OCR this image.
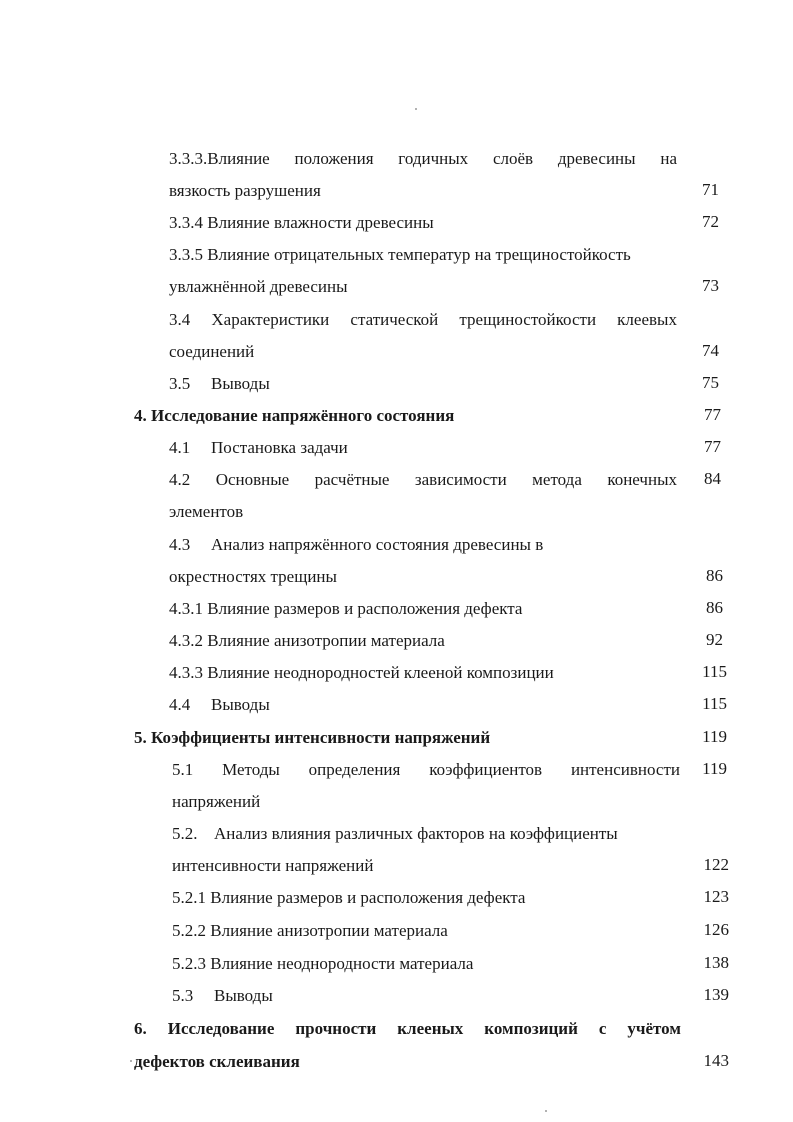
3.3.3.Влияние положения годичных слоёв древесины на
вязкость разрушения	71
3.3.4 Влияние влажности древесины	72
3.3.5 Влияние отрицательных температур на трещиностойкость
увлажнённой древесины	73
3.4 Характеристики статической трещиностойкости клеевых
соединений	74
3.5 Выводы	75
4. Исследование напряжённого состояния	77
4.1 Постановка задачи	77
4.2 Основные расчётные зависимости метода конечных	84
элементов
4.3 Анализ напряжённого состояния древесины в
окрестностях трещины	86
4.3.1 Влияние размеров и расположения дефекта	86
4.3.2 Влияние анизотропии материала	92
4.3.3 Влияние неоднородностей клееной композиции	115
4.4 Выводы	115
5. Коэффициенты интенсивности напряжений	119
5.1 Методы определения коэффициентов интенсивности	119
напряжений
5.2. Анализ влияния различных факторов на коэффициенты
интенсивности напряжений	122
5.2.1 Влияние размеров и расположения дефекта	123
5.2.2 Влияние анизотропии материала	126
5.2.3 Влияние неоднородности материала	138
5.3 Выводы	139
6. Исследование прочности клееных композиций с учётом
дефектов склеивания	143
